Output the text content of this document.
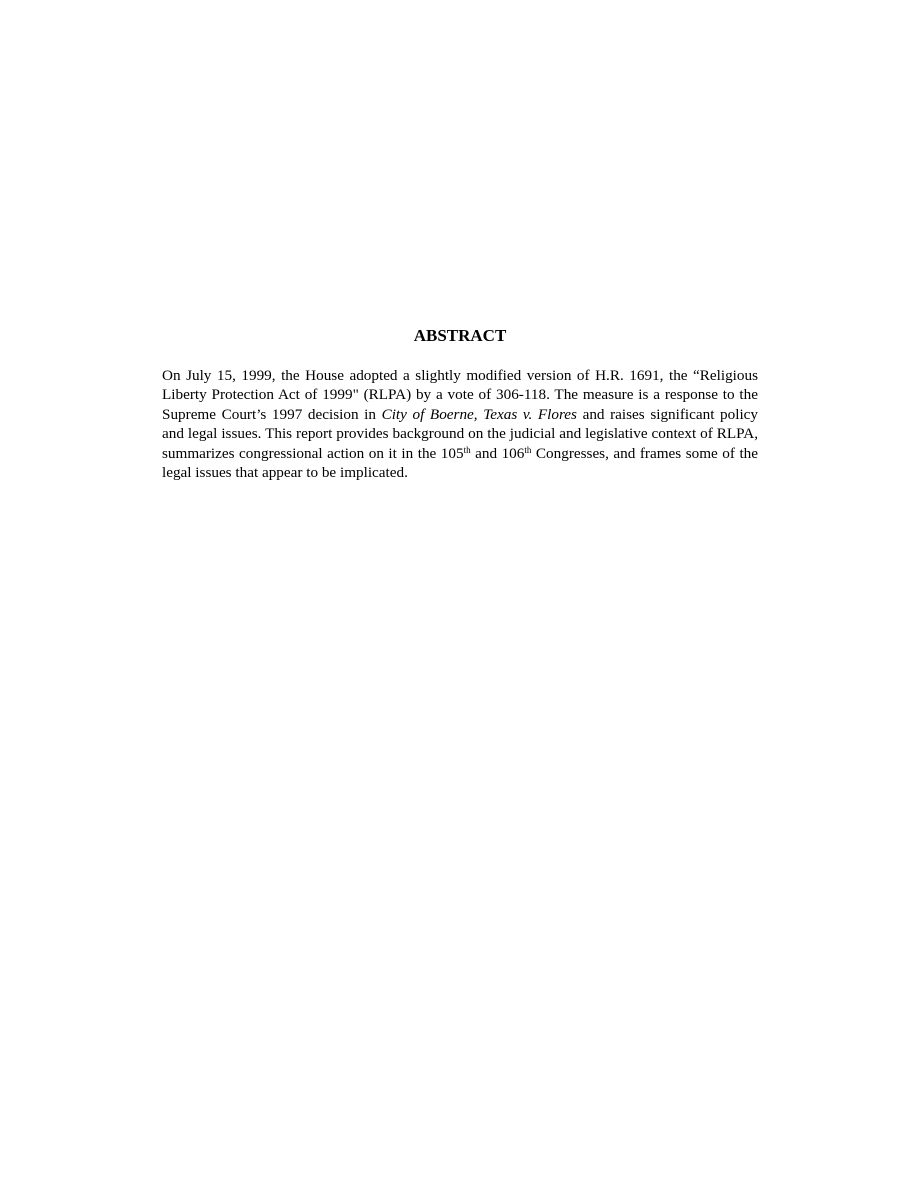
ABSTRACT

On July 15, 1999, the House adopted a slightly modified version of H.R. 1691, the “Religious Liberty Protection Act of 1999" (RLPA) by a vote of 306-118. The measure is a response to the Supreme Court’s 1997 decision in City of Boerne, Texas v. Flores and raises significant policy and legal issues. This report provides background on the judicial and legislative context of RLPA, summarizes congressional action on it in the 105th and 106th Congresses, and frames some of the legal issues that appear to be implicated.
